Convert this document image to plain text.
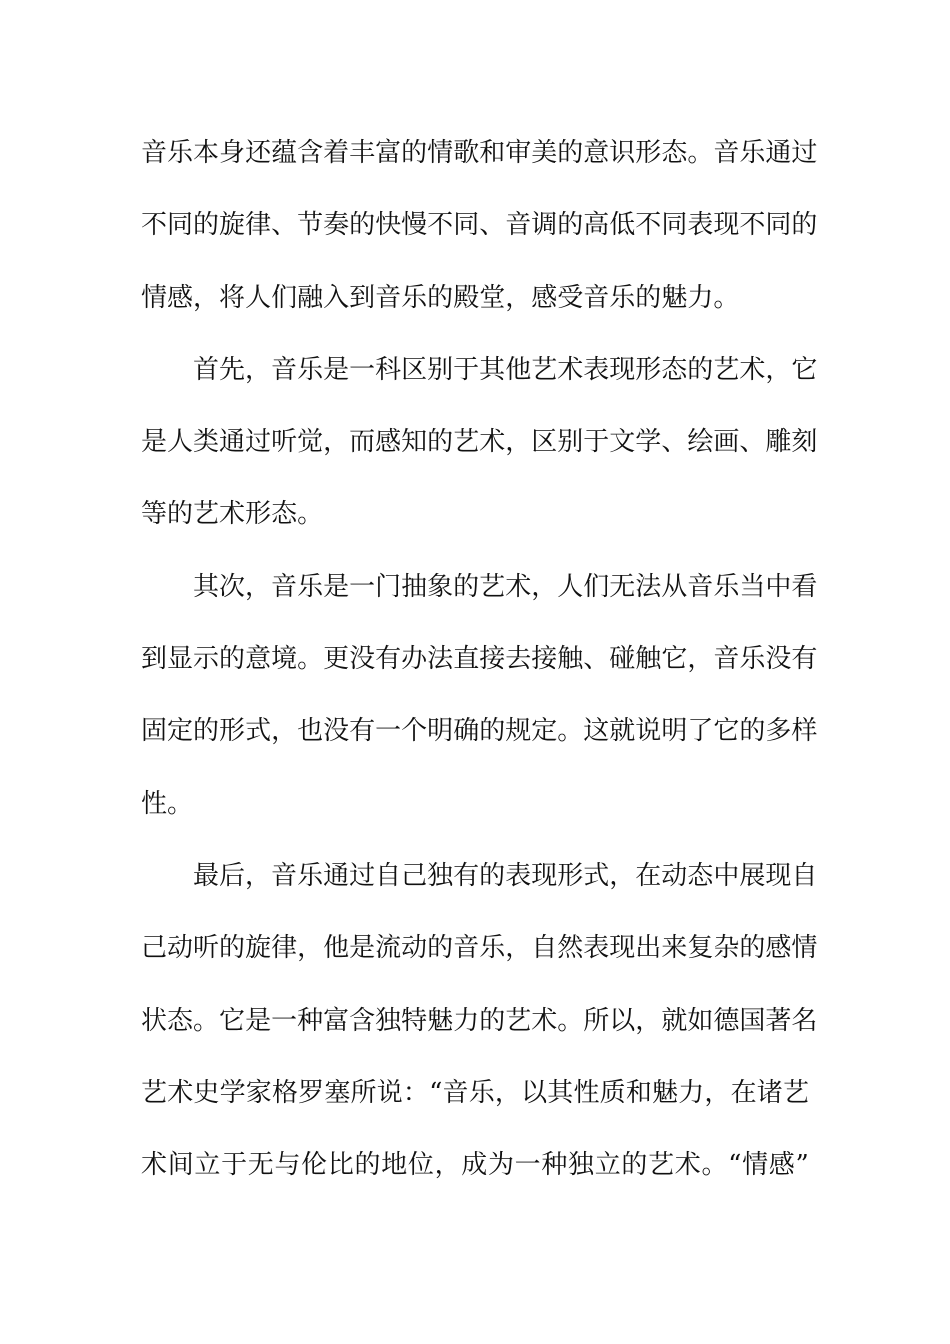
音 乐 本 身 还 蕴 含 着 丰 富 的 情 歌 和 审 美 的 意 识 形 态 。 音 乐 通 过
不 同 的 旋 律 、 节 奏 的 快 慢 不 同 、 音 调 的 高 低 不 同 表 现 不 同 的
情 感 ， 将 人 们 融 入 到 音 乐 的 殿 堂 ， 感 受 音 乐 的 魅 力 。
首 先 ， 音 乐 是 一 科 区 别 于 其 他 艺 术 表 现 形 态 的 艺 术 ， 它
是 人 类 通 过 听 觉 ， 而 感 知 的 艺 术 ， 区 别 于 文 学 、 绘 画 、 雕 刻
等 的 艺 术 形 态 。
其 次 ， 音 乐 是 一 门 抽 象 的 艺 术 ， 人 们 无 法 从 音 乐 当 中 看
到 显 示 的 意 境 。 更 没 有 办 法 直 接 去 接 触 、 碰 触 它 ， 音 乐 没 有
固 定 的 形 式 ， 也 没 有 一 个 明 确 的 规 定 。 这 就 说 明 了 它 的 多 样
性 。
最 后 ， 音 乐 通 过 自 己 独 有 的 表 现 形 式 ， 在 动 态 中 展 现 自
己 动 听 的 旋 律 ， 他 是 流 动 的 音 乐 ， 自 然 表 现 出 来 复 杂 的 感 情
状 态 。 它 是 一 种 富 含 独 特 魅 力 的 艺 术 。 所 以 ， 就 如 德 国 著 名
艺 术 史 学 家 格 罗 塞 所 说 ： “ 音 乐 ， 以 其 性 质 和 魅 力 ， 在 诸 艺
术 间 立 于 无 与 伦 比 的 地 位 ， 成 为 一 种 独 立 的 艺 术 。 “ 情 感 ”
